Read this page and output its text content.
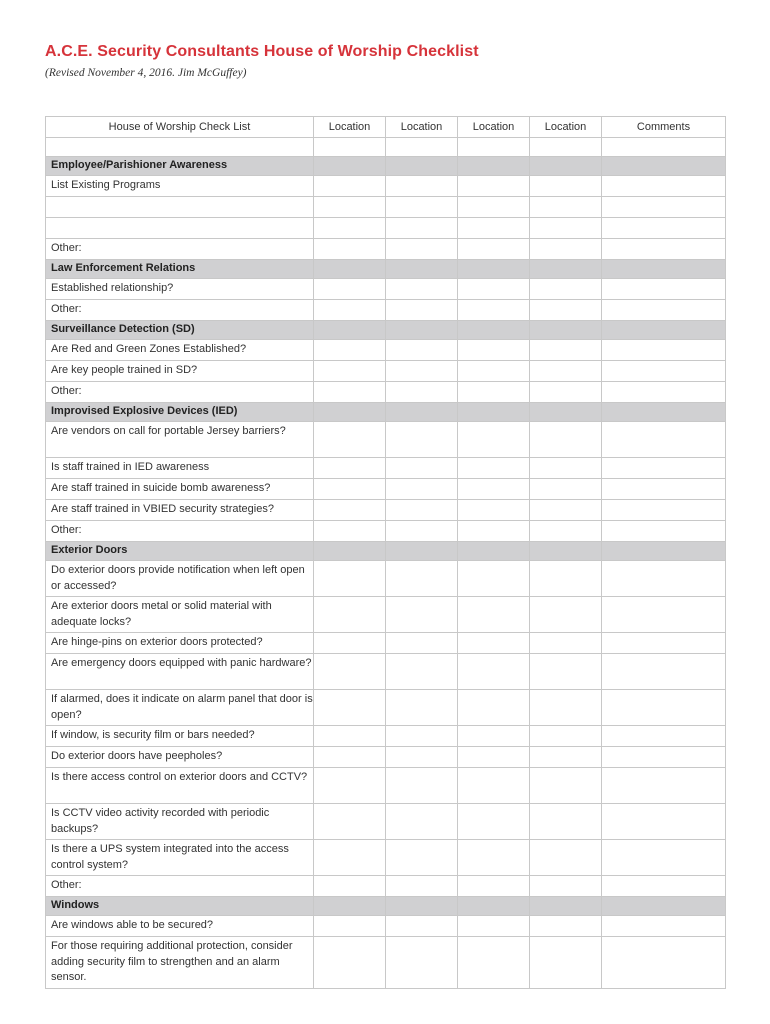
A.C.E. Security Consultants House of Worship Checklist

(Revised November 4, 2016. Jim McGuffey)

House of Worship Check List	Location	Location	Location	Location	Comments

Employee/Parishioner Awareness					
List Existing Programs					

Other:					
Law Enforcement Relations					
Established relationship?					
Other:					
Surveillance Detection (SD)					
Are Red and Green Zones Established?					
Are key people trained in SD?					
Other:					
Improvised Explosive Devices (IED)					
Are vendors on call for portable Jersey barriers?					
Is staff trained in IED awareness					
Are staff trained in suicide bomb awareness?					
Are staff trained in VBIED security strategies?					
Other:					
Exterior Doors					
Do exterior doors provide notification when left open or accessed?					
Are exterior doors metal or solid material with adequate locks?					
Are hinge-pins on exterior doors protected?					
Are emergency doors equipped with panic hardware?					
If alarmed, does it indicate on alarm panel that door is open?					
If window, is security film or bars needed?					
Do exterior doors have peepholes?					
Is there access control on exterior doors and CCTV?					
Is CCTV video activity recorded with periodic backups?					
Is there a UPS system integrated into the access control system?					
Other:					
Windows					
Are windows able to be secured?					
For those requiring additional protection, consider adding security film to strengthen and an alarm sensor.					
